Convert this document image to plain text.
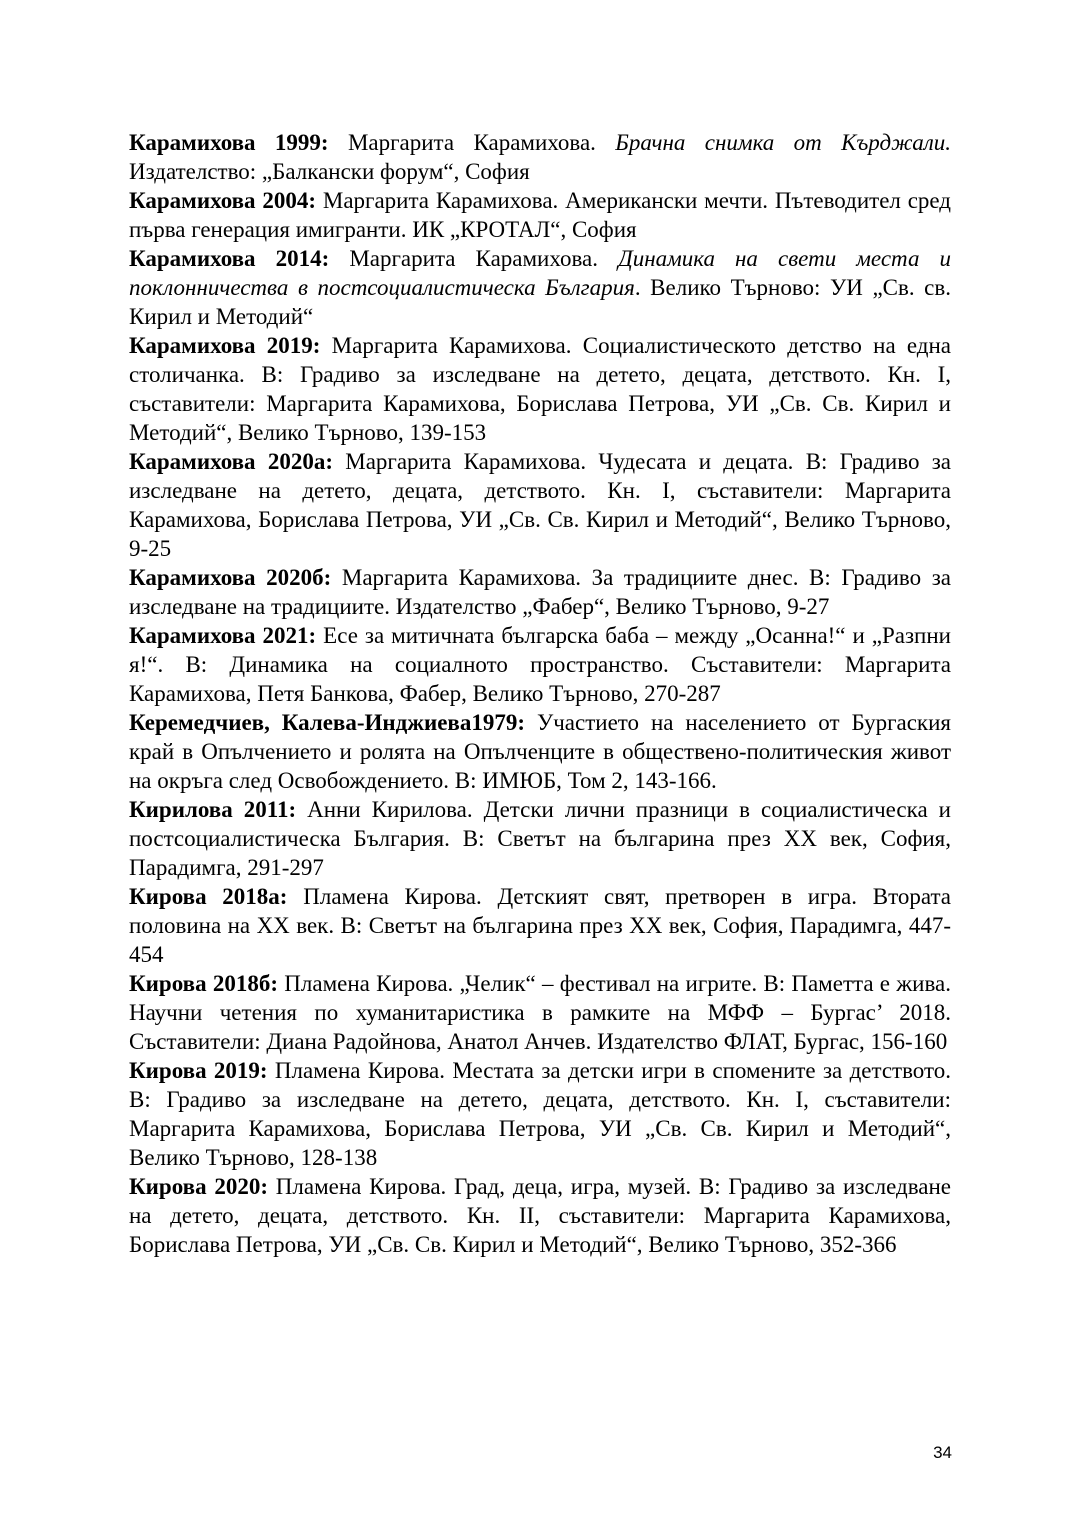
Карамихова 1999: Маргарита Карамихова. Брачна снимка от Кърджали. Издателство: „Балкански форум“, София

Карамихова 2004: Маргарита Карамихова. Американски мечти. Пътеводител сред първа генерация имигранти. ИК „КРОТАЛ“, София

Карамихова 2014: Маргарита Карамихова. Динамика на свети места и поклонничества в постсоциалистическа България. Велико Търново: УИ „Св. св. Кирил и Методий“

Карамихова 2019: Маргарита Карамихова. Социалистическото детство на една столичанка. В: Градиво за изследване на детето, децата, детството. Кн. I, съставители: Маргарита Карамихова, Борислава Петрова, УИ „Св. Св. Кирил и Методий“, Велико Търново, 139-153

Карамихова 2020а: Маргарита Карамихова. Чудесата и децата. В: Градиво за изследване на детето, децата, детството. Кн. I, съставители: Маргарита Карамихова, Борислава Петрова, УИ „Св. Св. Кирил и Методий“, Велико Търново, 9-25

Карамихова 2020б: Маргарита Карамихова. За традициите днес. В: Градиво за изследване на традициите. Издателство „Фабер“, Велико Търново, 9-27

Карамихова 2021: Есе за митичната българска баба – между „Осанна!“ и „Разпни я!“. В: Динамика на социалното пространство. Съставители: Маргарита Карамихова, Петя Банкова, Фабер, Велико Търново, 270-287

Керемедчиев, Калева-Инджиева1979: Участието на населението от Бургаския край в Опълчението и ролята на Опълченците в обществено-политическия живот на окръга след Освобождението. В: ИМЮБ, Том 2, 143-166.

Кирилова 2011: Анни Кирилова. Детски лични празници в социалистическа и постсоциалистическа България. В: Светът на българина през XX век, София, Парадимга, 291-297

Кирова 2018а: Пламена Кирова. Детският свят, претворен в игра. Втората половина на XX век. В: Светът на българина през XX век, София, Парадимга, 447-454

Кирова 2018б: Пламена Кирова. „Челик“ – фестивал на игрите. В: Паметта е жива. Научни четения по хуманитаристика в рамките на МФФ – Бургас’ 2018. Съставители: Диана Радойнова, Анатол Анчев. Издателство ФЛАТ, Бургас, 156-160

Кирова 2019: Пламена Кирова. Местата за детски игри в спомените за детството. В: Градиво за изследване на детето, децата, детството. Кн. I, съставители: Маргарита Карамихова, Борислава Петрова, УИ „Св. Св. Кирил и Методий“, Велико Търново, 128-138

Кирова 2020: Пламена Кирова. Град, деца, игра, музей. В: Градиво за изследване на детето, децата, детството. Кн. II, съставители: Маргарита Карамихова, Борислава Петрова, УИ „Св. Св. Кирил и Методий“, Велико Търново, 352-366

34
